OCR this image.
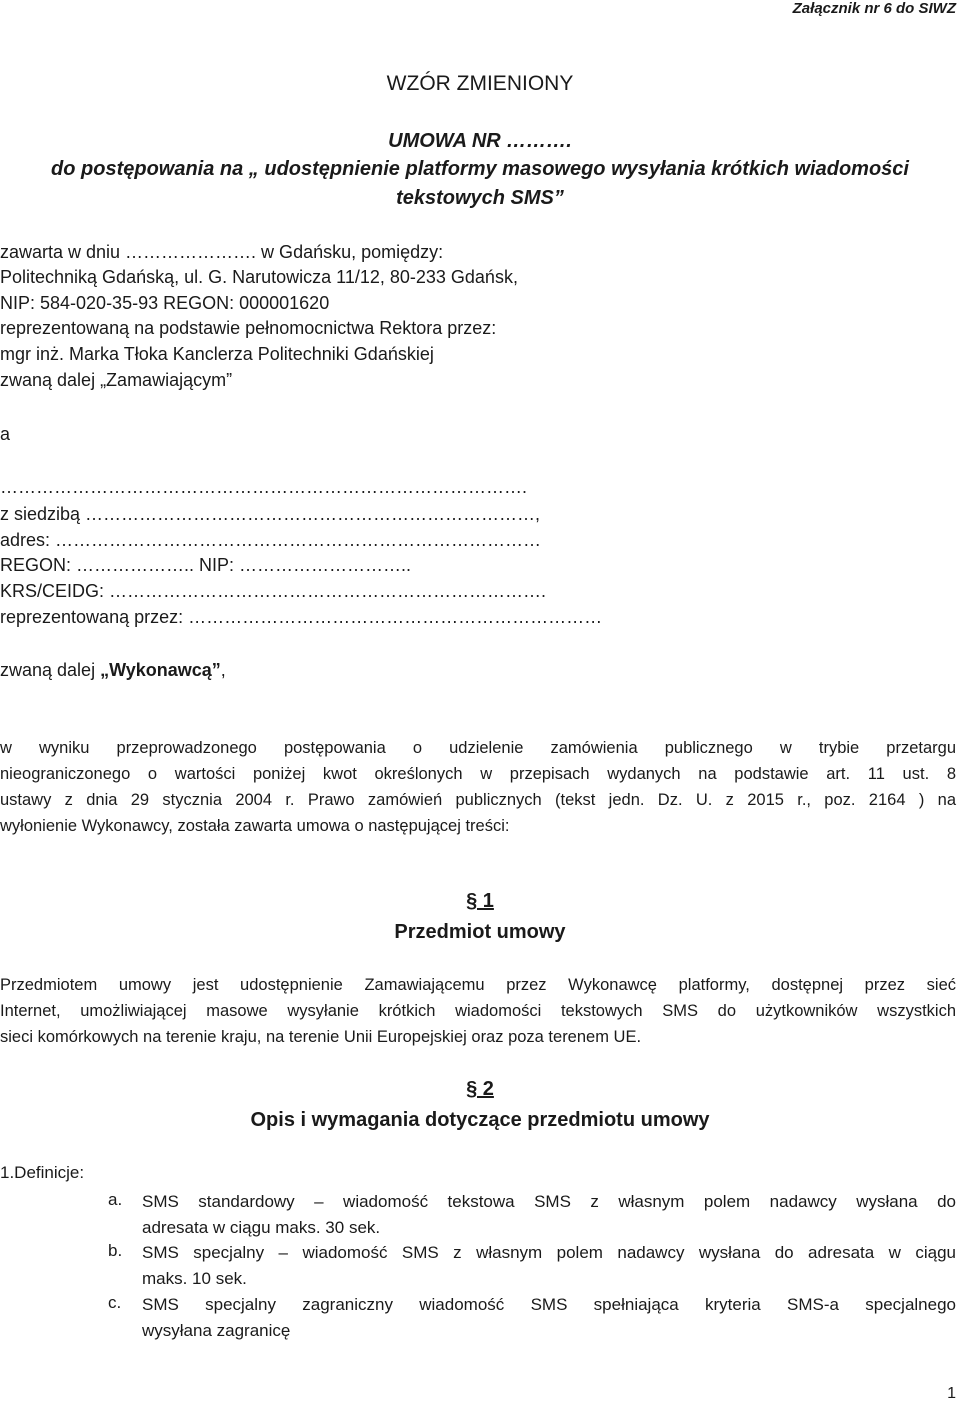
Załącznik nr 6 do SIWZ
WZÓR ZMIENIONY
UMOWA NR ……….
do postępowania na „ udostępnienie platformy masowego wysyłania krótkich wiadomości
tekstowych SMS”
zawarta w dniu …………………. w Gdańsku, pomiędzy:
Politechniką Gdańską, ul. G. Narutowicza 11/12, 80-233 Gdańsk,
NIP: 584-020-35-93 REGON: 000001620
reprezentowaną na podstawie pełnomocnictwa Rektora przez:
mgr inż. Marka Tłoka Kanclerza Politechniki Gdańskiej
zwaną dalej „Zamawiającym”
a
…………………………………………………………………………….
z siedzibą …………………………………………………………………,
adres: ………………………………………………………………………
REGON: ……………….. NIP: ………………………..
KRS/CEIDG: ……………………………………………………………….
reprezentowaną przez: ……………………………………………………………
zwaną dalej „Wykonawcą”,
w wyniku przeprowadzonego postępowania o udzielenie zamówienia publicznego w trybie przetargu
nieograniczonego o wartości poniżej kwot określonych w przepisach wydanych na podstawie art. 11 ust. 8
ustawy z dnia 29 stycznia 2004 r. Prawo zamówień publicznych (tekst jedn. Dz. U. z 2015 r., poz. 2164 ) na
wyłonienie Wykonawcy, została zawarta umowa o następującej treści:
§ 1
Przedmiot umowy
Przedmiotem umowy jest udostępnienie Zamawiającemu przez Wykonawcę platformy, dostępnej przez sieć
Internet, umożliwiającej masowe wysyłanie krótkich wiadomości tekstowych SMS do użytkowników wszystkich
sieci komórkowych na terenie kraju, na terenie Unii Europejskiej oraz poza terenem UE.
§ 2
Opis i wymagania dotyczące przedmiotu umowy
1.Definicje:
a. SMS standardowy – wiadomość tekstowa SMS z własnym polem nadawcy wysłana do
adresata w ciągu maks. 30 sek.
b. SMS specjalny – wiadomość SMS z własnym polem nadawcy wysłana do adresata w ciągu
maks. 10 sek.
c. SMS specjalny zagraniczny wiadomość SMS spełniająca kryteria SMS-a specjalnego
wysyłana zagranicę
1
